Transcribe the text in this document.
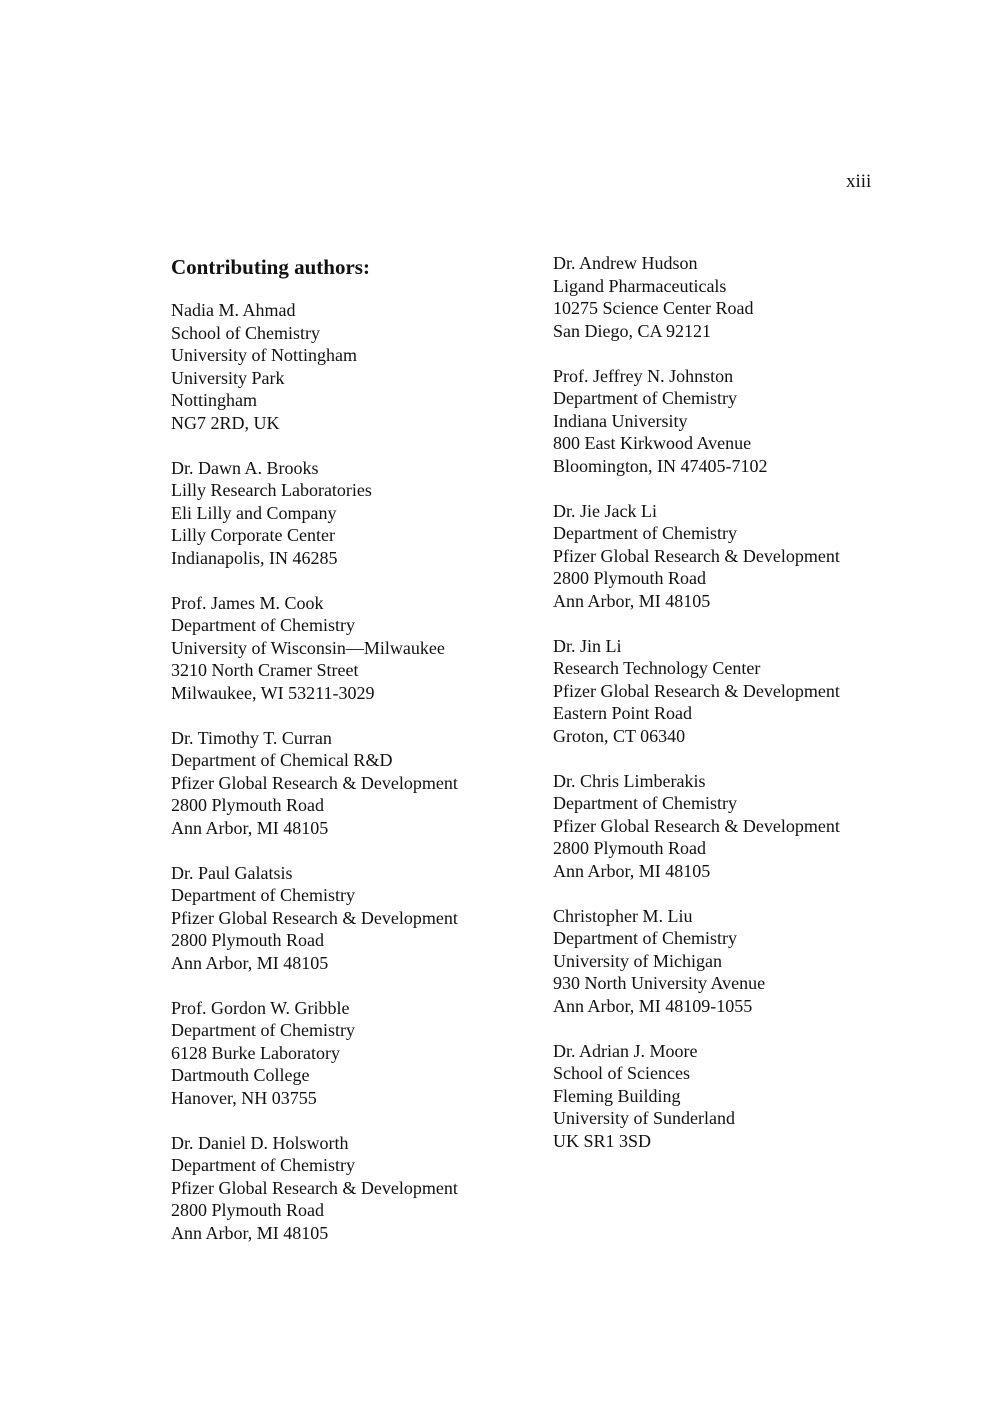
xiii
Contributing authors:
Nadia M. Ahmad
School of Chemistry
University of Nottingham
University Park
Nottingham
NG7 2RD, UK
Dr. Dawn A. Brooks
Lilly Research Laboratories
Eli Lilly and Company
Lilly Corporate Center
Indianapolis, IN 46285
Prof. James M. Cook
Department of Chemistry
University of Wisconsin—Milwaukee
3210 North Cramer Street
Milwaukee, WI 53211-3029
Dr. Timothy T. Curran
Department of Chemical R&D
Pfizer Global Research & Development
2800 Plymouth Road
Ann Arbor, MI 48105
Dr. Paul Galatsis
Department of Chemistry
Pfizer Global Research & Development
2800 Plymouth Road
Ann Arbor, MI 48105
Prof. Gordon W. Gribble
Department of Chemistry
6128 Burke Laboratory
Dartmouth College
Hanover, NH 03755
Dr. Daniel D. Holsworth
Department of Chemistry
Pfizer Global Research & Development
2800 Plymouth Road
Ann Arbor, MI 48105
Dr. Andrew Hudson
Ligand Pharmaceuticals
10275 Science Center Road
San Diego, CA 92121
Prof. Jeffrey N. Johnston
Department of Chemistry
Indiana University
800 East Kirkwood Avenue
Bloomington, IN 47405-7102
Dr. Jie Jack Li
Department of Chemistry
Pfizer Global Research & Development
2800 Plymouth Road
Ann Arbor, MI 48105
Dr. Jin Li
Research Technology Center
Pfizer Global Research & Development
Eastern Point Road
Groton, CT 06340
Dr. Chris Limberakis
Department of Chemistry
Pfizer Global Research & Development
2800 Plymouth Road
Ann Arbor, MI 48105
Christopher M. Liu
Department of Chemistry
University of Michigan
930 North University Avenue
Ann Arbor, MI 48109-1055
Dr. Adrian J. Moore
School of Sciences
Fleming Building
University of Sunderland
UK SR1 3SD
